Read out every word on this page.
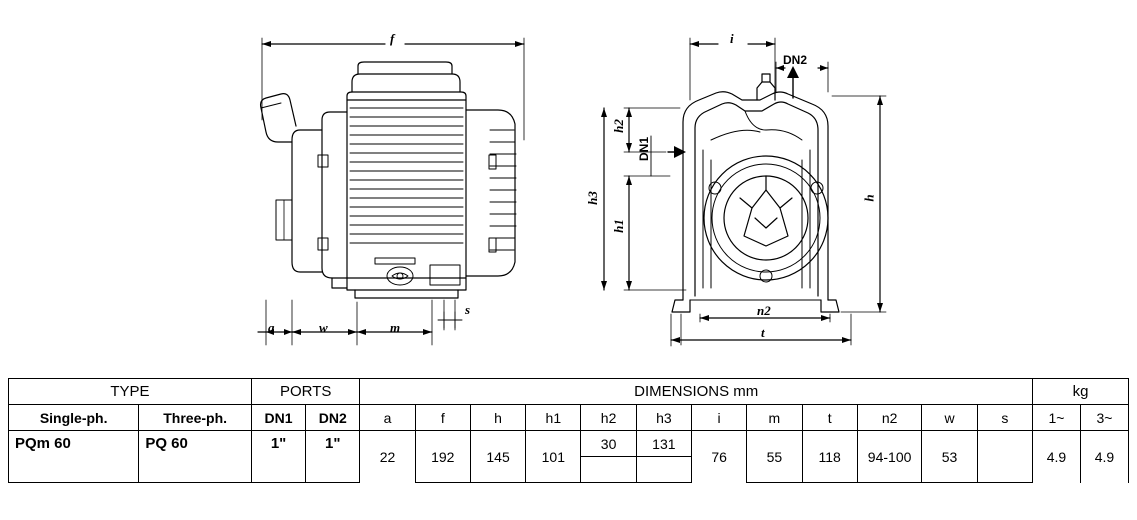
f
a	w	m
s
i
DN2
DN1
h2
h3
h1
h
n2
t
TYPE		PORTS		DIMENSIONS mm												kg	
Single-ph.	Three-ph.	DN1	DN2	a	f	h	h1	h2	h3	i	m	t	n2	w	s	1~	3~
PQm 60	PQ 60	1"	1"	22	192	145	101	30	131	76	55	118	94-100	53		4.9	4.9
